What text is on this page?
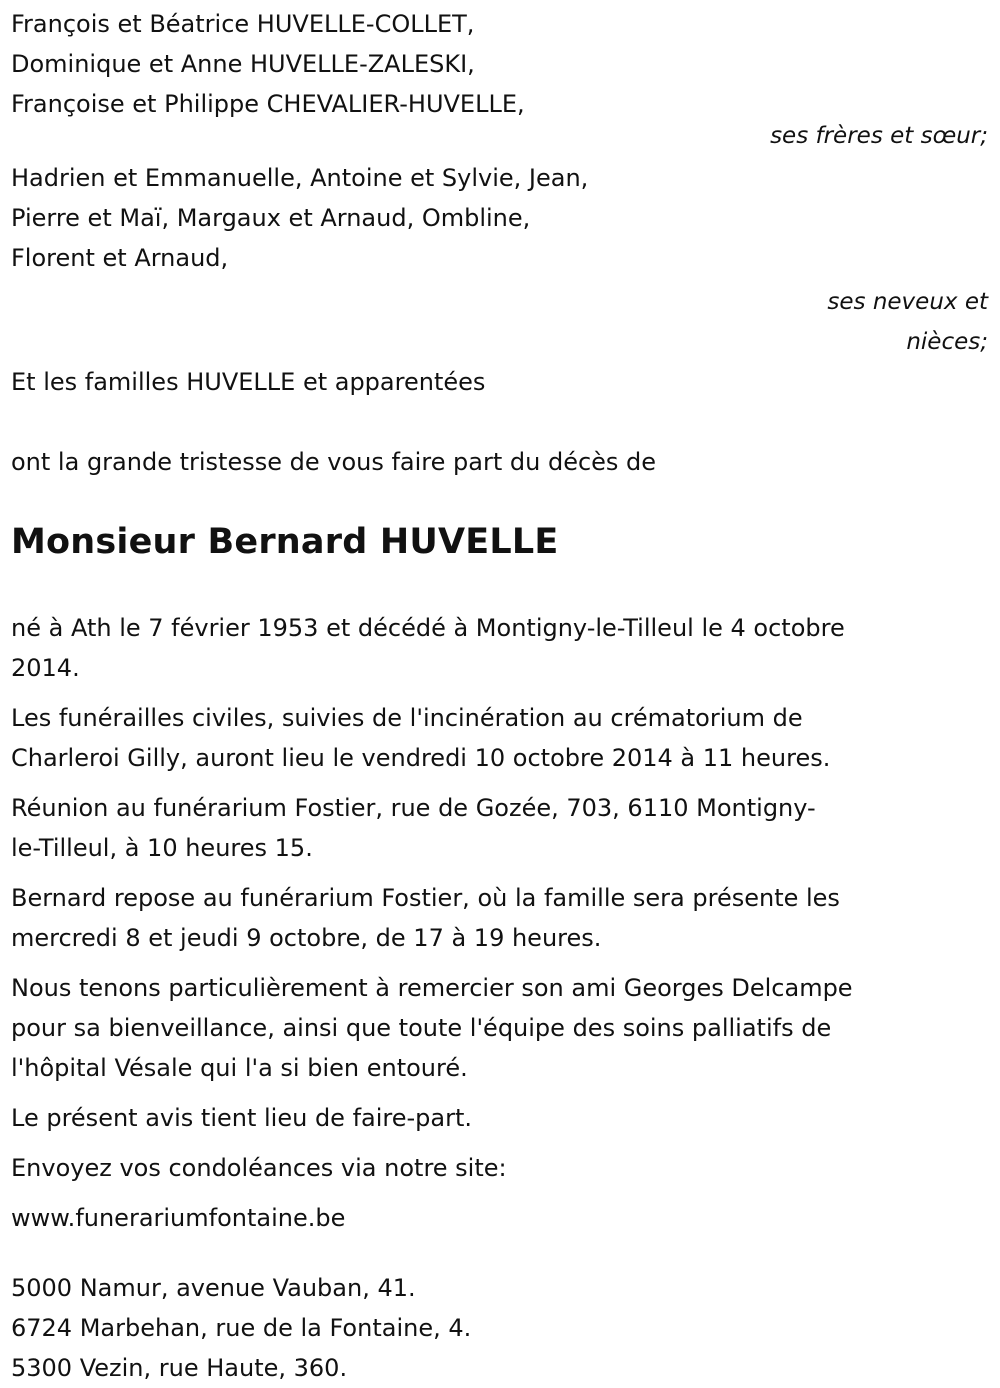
François et Béatrice HUVELLE-COLLET,
Dominique et Anne HUVELLE-ZALESKI,
Françoise et Philippe CHEVALIER-HUVELLE,
ses frères et sœur;
Hadrien et Emmanuelle, Antoine et Sylvie, Jean,
Pierre et Maï, Margaux et Arnaud, Ombline,
Florent et Arnaud,
ses neveux et
nièces;
Et les familles HUVELLE et apparentées
ont la grande tristesse de vous faire part du décès de
Monsieur Bernard HUVELLE
né à Ath le 7 février 1953 et décédé à Montigny-le-Tilleul le 4 octobre
2014.
Les funérailles civiles, suivies de l'incinération au crématorium de
Charleroi Gilly, auront lieu le vendredi 10 octobre 2014 à 11 heures.
Réunion au funérarium Fostier, rue de Gozée, 703, 6110 Montigny-
le-Tilleul, à 10 heures 15.
Bernard repose au funérarium Fostier, où la famille sera présente les
mercredi 8 et jeudi 9 octobre, de 17 à 19 heures.
Nous tenons particulièrement à remercier son ami Georges Delcampe
pour sa bienveillance, ainsi que toute l'équipe des soins palliatifs de
l'hôpital Vésale qui l'a si bien entouré.
Le présent avis tient lieu de faire-part.
Envoyez vos condoléances via notre site:
www.funerariumfontaine.be
5000 Namur, avenue Vauban, 41.
6724 Marbehan, rue de la Fontaine, 4.
5300 Vezin, rue Haute, 360.
